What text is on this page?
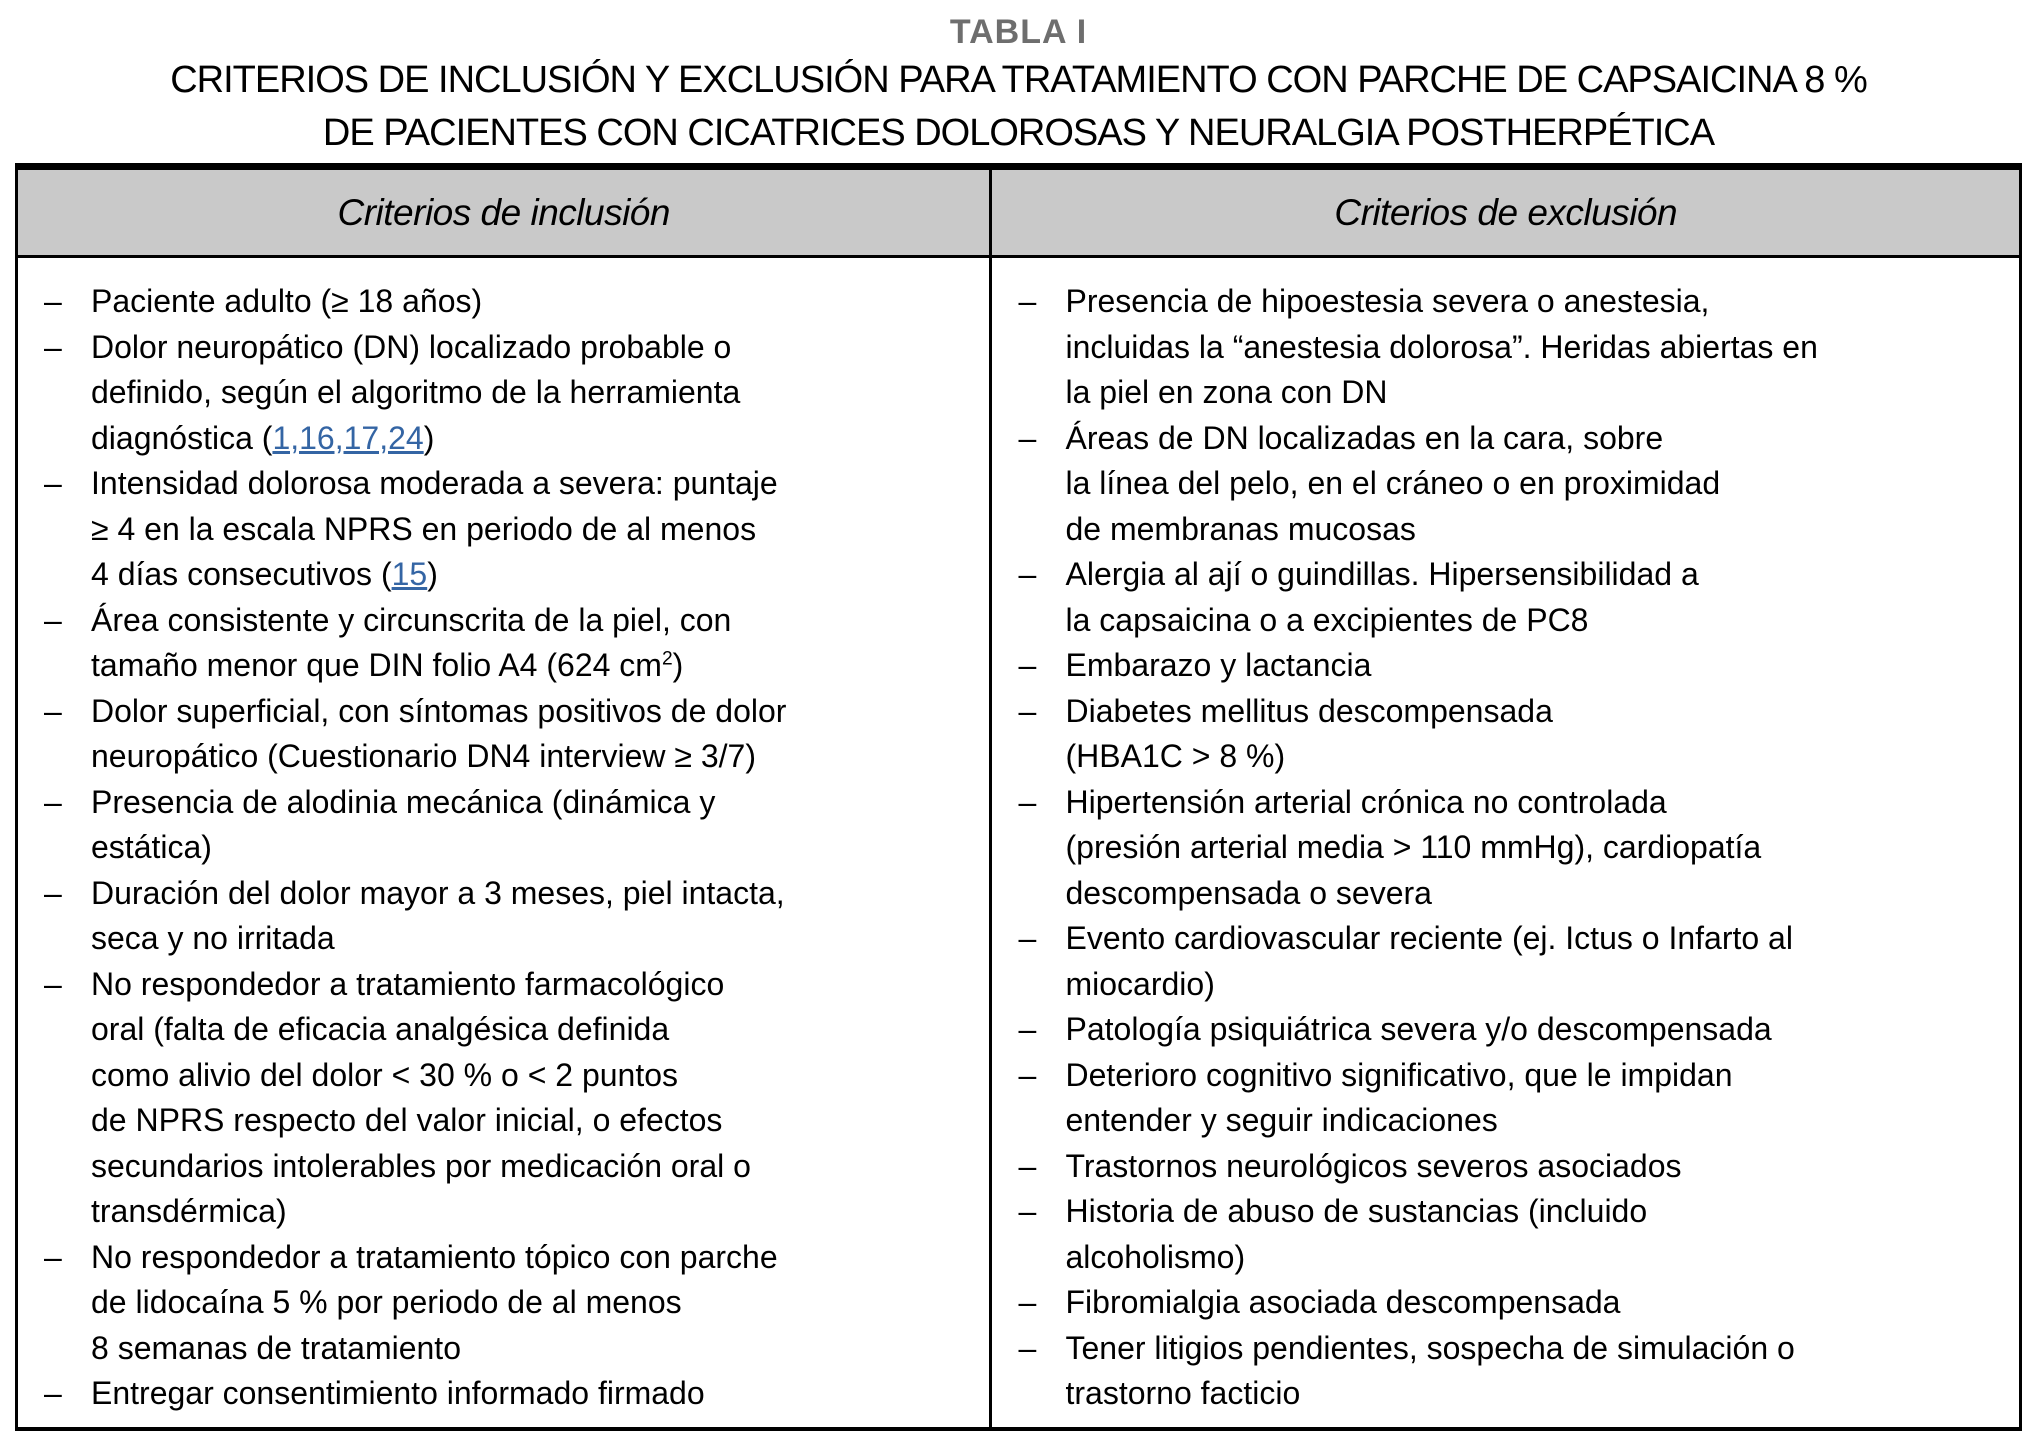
TABLA I
CRITERIOS DE INCLUSIÓN Y EXCLUSIÓN PARA TRATAMIENTO CON PARCHE DE CAPSAICINA 8 %
DE PACIENTES CON CICATRICES DOLOROSAS Y NEURALGIA POSTHERPÉTICA
Criterios de inclusión	Criterios de exclusión
– Paciente adulto (≥ 18 años)
– Dolor neuropático (DN) localizado probable o
definido, según el algoritmo de la herramienta
diagnóstica (1,16,17,24)
– Intensidad dolorosa moderada a severa: puntaje
≥ 4 en la escala NPRS en periodo de al menos
4 días consecutivos (15)
– Área consistente y circunscrita de la piel, con
tamaño menor que DIN folio A4 (624 $cm^2$)
– Dolor superficial, con síntomas positivos de dolor
neuropático (Cuestionario DN4 interview ≥ 3/7)
– Presencia de alodinia mecánica (dinámica y
estática)
– Duración del dolor mayor a 3 meses, piel intacta,
seca y no irritada
– No respondedor a tratamiento farmacológico
oral (falta de eficacia analgésica definida
como alivio del dolor < 30 % o < 2 puntos
de NPRS respecto del valor inicial, o efectos
secundarios intolerables por medicación oral o
transdérmica)
– No respondedor a tratamiento tópico con parche
de lidocaína 5 % por periodo de al menos
8 semanas de tratamiento
– Entregar consentimiento informado firmado
– Presencia de hipoestesia severa o anestesia,
incluidas la “anestesia dolorosa”. Heridas abiertas en
la piel en zona con DN
– Áreas de DN localizadas en la cara, sobre
la línea del pelo, en el cráneo o en proximidad
de membranas mucosas
– Alergia al ají o guindillas. Hipersensibilidad a
la capsaicina o a excipientes de PC8
– Embarazo y lactancia
– Diabetes mellitus descompensada
(HBA1C > 8 %)
– Hipertensión arterial crónica no controlada
(presión arterial media > 110 mmHg), cardiopatía
descompensada o severa
– Evento cardiovascular reciente (ej. Ictus o Infarto al
miocardio)
– Patología psiquiátrica severa y/o descompensada
– Deterioro cognitivo significativo, que le impidan
entender y seguir indicaciones
– Trastornos neurológicos severos asociados
– Historia de abuso de sustancias (incluido
alcoholismo)
– Fibromialgia asociada descompensada
– Tener litigios pendientes, sospecha de simulación o
trastorno facticio
